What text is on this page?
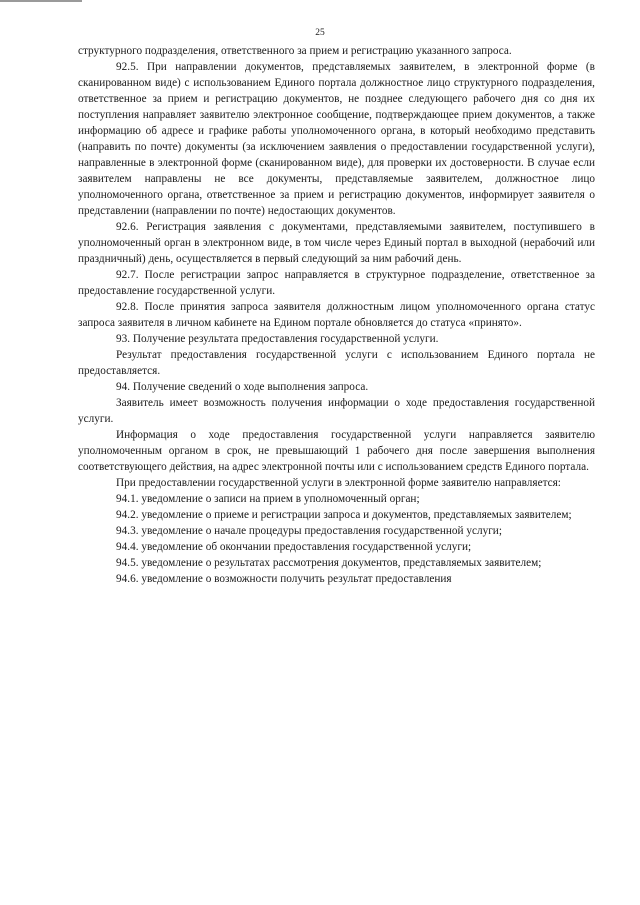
25

структурного подразделения, ответственного за прием и регистрацию указанного запроса.

92.5. При направлении документов, представляемых заявителем, в электронной форме (в сканированном виде) с использованием Единого портала должностное лицо структурного подразделения, ответственное за прием и регистрацию документов, не позднее следующего рабочего дня со дня их поступления направляет заявителю электронное сообщение, подтверждающее прием документов, а также информацию об адресе и графике работы уполномоченного органа, в который необходимо представить (направить по почте) документы (за исключением заявления о предоставлении государственной услуги), направленные в электронной форме (сканированном виде), для проверки их достоверности. В случае если заявителем направлены не все документы, представляемые заявителем, должностное лицо уполномоченного органа, ответственное за прием и регистрацию документов, информирует заявителя о представлении (направлении по почте) недостающих документов.

92.6. Регистрация заявления с документами, представляемыми заявителем, поступившего в уполномоченный орган в электронном виде, в том числе через Единый портал в выходной (нерабочий или праздничный) день, осуществляется в первый следующий за ним рабочий день.

92.7. После регистрации запрос направляется в структурное подразделение, ответственное за предоставление государственной услуги.

92.8. После принятия запроса заявителя должностным лицом уполномоченного органа статус запроса заявителя в личном кабинете на Едином портале обновляется до статуса «принято».

93. Получение результата предоставления государственной услуги.

Результат предоставления государственной услуги с использованием Единого портала не предоставляется.

94. Получение сведений о ходе выполнения запроса.

Заявитель имеет возможность получения информации о ходе предоставления государственной услуги.

Информация о ходе предоставления государственной услуги направляется заявителю уполномоченным органом в срок, не превышающий 1 рабочего дня после завершения выполнения соответствующего действия, на адрес электронной почты или с использованием средств Единого портала.

При предоставлении государственной услуги в электронной форме заявителю направляется:

94.1. уведомление о записи на прием в уполномоченный орган;

94.2. уведомление о приеме и регистрации запроса и документов, представляемых заявителем;

94.3. уведомление о начале процедуры предоставления государственной услуги;

94.4. уведомление об окончании предоставления государственной услуги;

94.5. уведомление о результатах рассмотрения документов, представляемых заявителем;

94.6. уведомление о возможности получить результат предоставления
